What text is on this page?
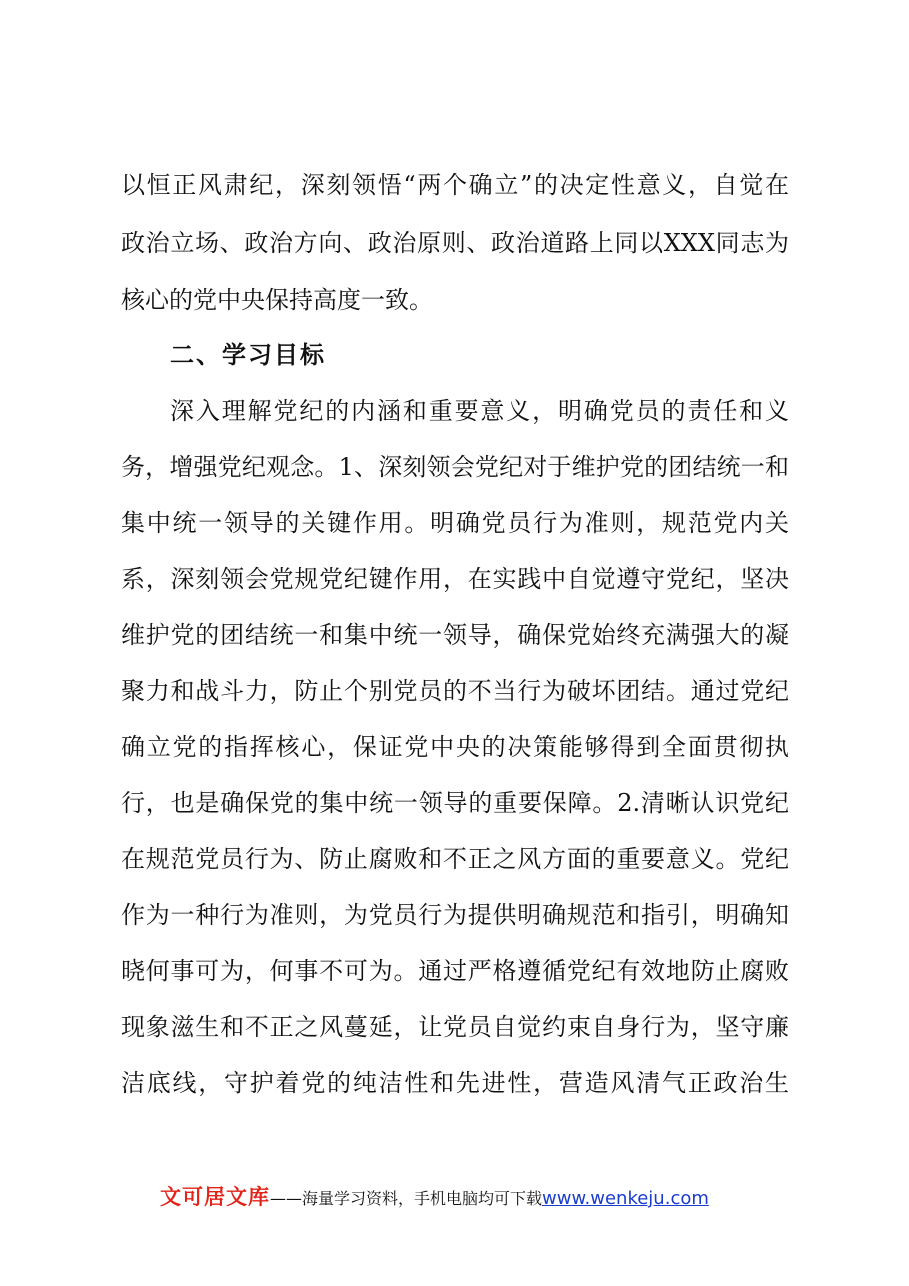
以恒正风肃纪，深刻领悟“两个确立”的决定性意义，自觉在
政治立场、政治方向、政治原则、政治道路上同以XXX同志为
核心的党中央保持高度一致。
二、学习目标
深入理解党纪的内涵和重要意义，明确党员的责任和义
务，增强党纪观念。1、深刻领会党纪对于维护党的团结统一和
集中统一领导的关键作用。明确党员行为准则，规范党内关
系，深刻领会党规党纪键作用，在实践中自觉遵守党纪，坚决
维护党的团结统一和集中统一领导，确保党始终充满强大的凝
聚力和战斗力，防止个别党员的不当行为破坏团结。通过党纪
确立党的指挥核心，保证党中央的决策能够得到全面贯彻执
行，也是确保党的集中统一领导的重要保障。2.清晰认识党纪
在规范党员行为、防止腐败和不正之风方面的重要意义。党纪
作为一种行为准则，为党员行为提供明确规范和指引，明确知
晓何事可为，何事不可为。通过严格遵循党纪有效地防止腐败
现象滋生和不正之风蔓延，让党员自觉约束自身行为，坚守廉
洁底线，守护着党的纯洁性和先进性，营造风清气正政治生
文可居文库——海量学习资料，手机电脑均可下载www.wenkeju.com
